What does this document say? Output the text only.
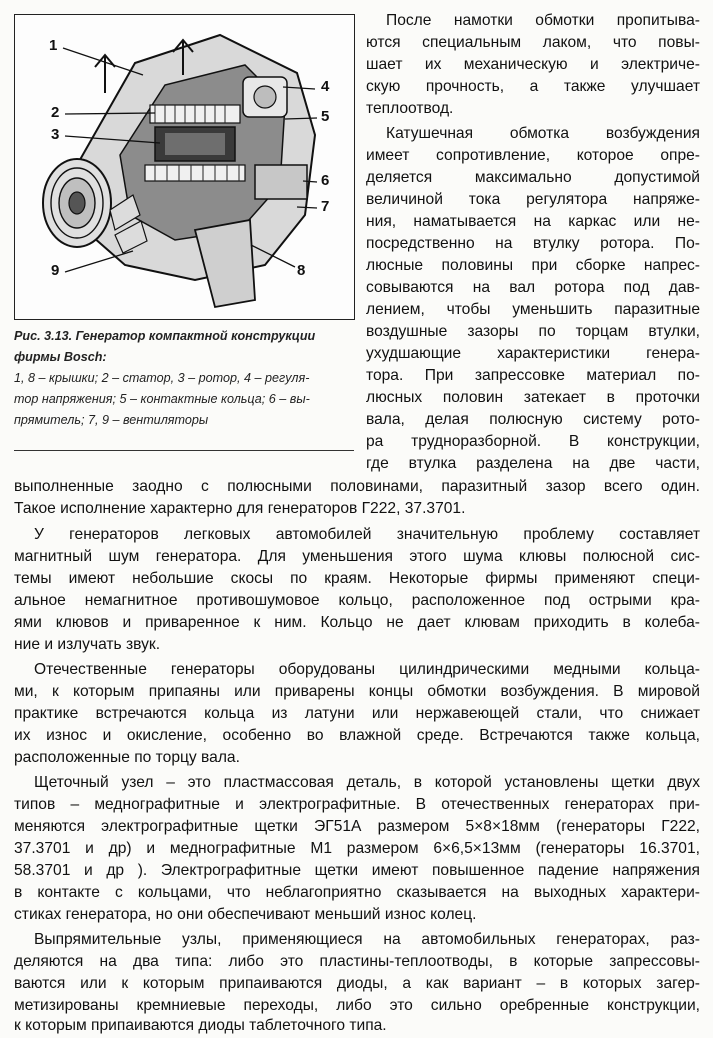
1
2
3
4
5
6
7
8
9
Рис. 3.13. Генератор компактной конструкции
фирмы Bosch:
1, 8 – крышки; 2 – статор, 3 – ротор, 4 – регуля-
тор напряжения; 5 – контактные кольца; 6 – вы-
прямитель; 7, 9 – вентиляторы
После намотки обмотки пропитыва-
ются специальным лаком, что повы-
шает их механическую и электриче-
скую прочность, а также улучшает
теплоотвод.
Катушечная обмотка возбуждения
имеет сопротивление, которое опре-
деляется максимально допустимой
величиной тока регулятора напряже-
ния, наматывается на каркас или не-
посредственно на втулку ротора. По-
люсные половины при сборке напрес-
совываются на вал ротора под дав-
лением, чтобы уменьшить паразитные
воздушные зазоры по торцам втулки,
ухудшающие характеристики генера-
тора. При запрессовке материал по-
люсных половин затекает в проточки
вала, делая полюсную систему рото-
ра трудноразборной. В конструкции,
где втулка разделена на две части,
выполненные заодно с полюсными половинами, паразитный зазор всего один.
Такое исполнение характерно для генераторов Г222, 37.3701.
У генераторов легковых автомобилей значительную проблему составляет
магнитный шум генератора. Для уменьшения этого шума клювы полюсной сис-
темы имеют небольшие скосы по краям. Некоторые фирмы применяют специ-
альное немагнитное противошумовое кольцо, расположенное под острыми кра-
ями клювов и приваренное к ним. Кольцо не дает клювам приходить в колеба-
ние и излучать звук.
Отечественные генераторы оборудованы цилиндрическими медными кольца-
ми, к которым припаяны или приварены концы обмотки возбуждения. В мировой
практике встречаются кольца из латуни или нержавеющей стали, что снижает
их износ и окисление, особенно во влажной среде. Встречаются также кольца,
расположенные по торцу вала.
Щеточный узел – это пластмассовая деталь, в которой установлены щетки двух
типов – меднографитные и электрографитные. В отечественных генераторах при-
меняются электрографитные щетки ЭГ51А размером 5×8×18мм (генераторы Г222,
37.3701 и др) и меднографитные М1 размером 6×6,5×13мм (генераторы 16.3701,
58.3701 и др ). Электрографитные щетки имеют повышенное падение напряжения
в контакте с кольцами, что неблагоприятно сказывается на выходных характери-
стиках генератора, но они обеспечивают меньший износ колец.
Выпрямительные узлы, применяющиеся на автомобильных генераторах, раз-
деляются на два типа: либо это пластины-теплоотводы, в которые запрессовы-
ваются или к которым припаиваются диоды, а как вариант – в которых загер-
метизированы кремниевые переходы, либо это сильно оребренные конструкции,
к которым припаиваются диоды таблеточного типа.
